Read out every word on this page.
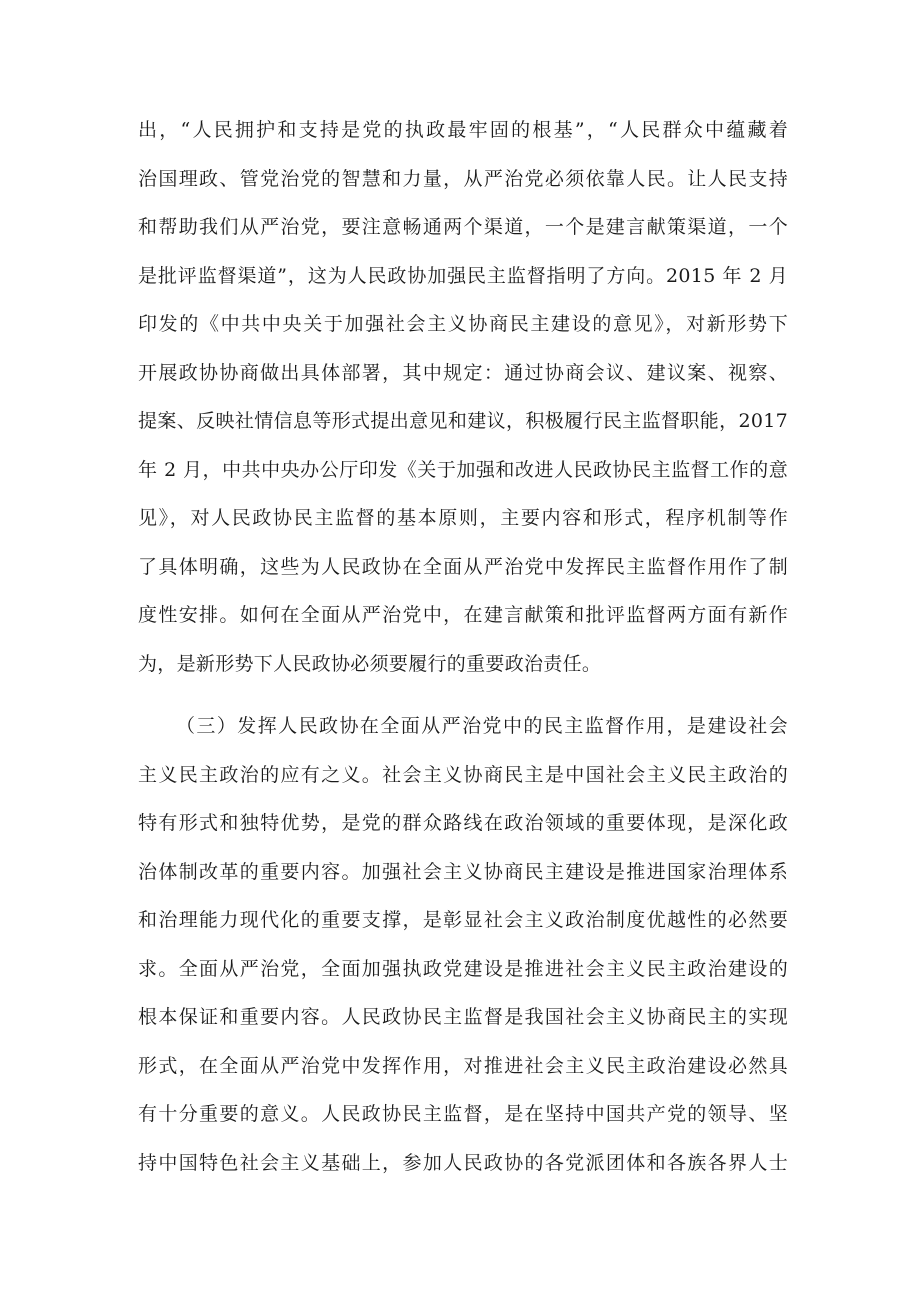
出，“人民拥护和支持是党的执政最牢固的根基”，“人民群众中蕴藏着
治国理政、管党治党的智慧和力量，从严治党必须依靠人民。让人民支持
和帮助我们从严治党，要注意畅通两个渠道，一个是建言献策渠道，一个
是批评监督渠道”，这为人民政协加强民主监督指明了方向。2015 年 2 月
印发的《中共中央关于加强社会主义协商民主建设的意见》，对新形势下
开展政协协商做出具体部署，其中规定：通过协商会议、建议案、视察、
提案、反映社情信息等形式提出意见和建议，积极履行民主监督职能，2017
年 2 月，中共中央办公厅印发《关于加强和改进人民政协民主监督工作的意
见》，对人民政协民主监督的基本原则，主要内容和形式，程序机制等作
了具体明确，这些为人民政协在全面从严治党中发挥民主监督作用作了制
度性安排。如何在全面从严治党中，在建言献策和批评监督两方面有新作
为，是新形势下人民政协必须要履行的重要政治责任。
（三）发挥人民政协在全面从严治党中的民主监督作用，是建设社会
主义民主政治的应有之义。社会主义协商民主是中国社会主义民主政治的
特有形式和独特优势，是党的群众路线在政治领域的重要体现，是深化政
治体制改革的重要内容。加强社会主义协商民主建设是推进国家治理体系
和治理能力现代化的重要支撑，是彰显社会主义政治制度优越性的必然要
求。全面从严治党，全面加强执政党建设是推进社会主义民主政治建设的
根本保证和重要内容。人民政协民主监督是我国社会主义协商民主的实现
形式，在全面从严治党中发挥作用，对推进社会主义民主政治建设必然具
有十分重要的意义。人民政协民主监督，是在坚持中国共产党的领导、坚
持中国特色社会主义基础上，参加人民政协的各党派团体和各族各界人士
